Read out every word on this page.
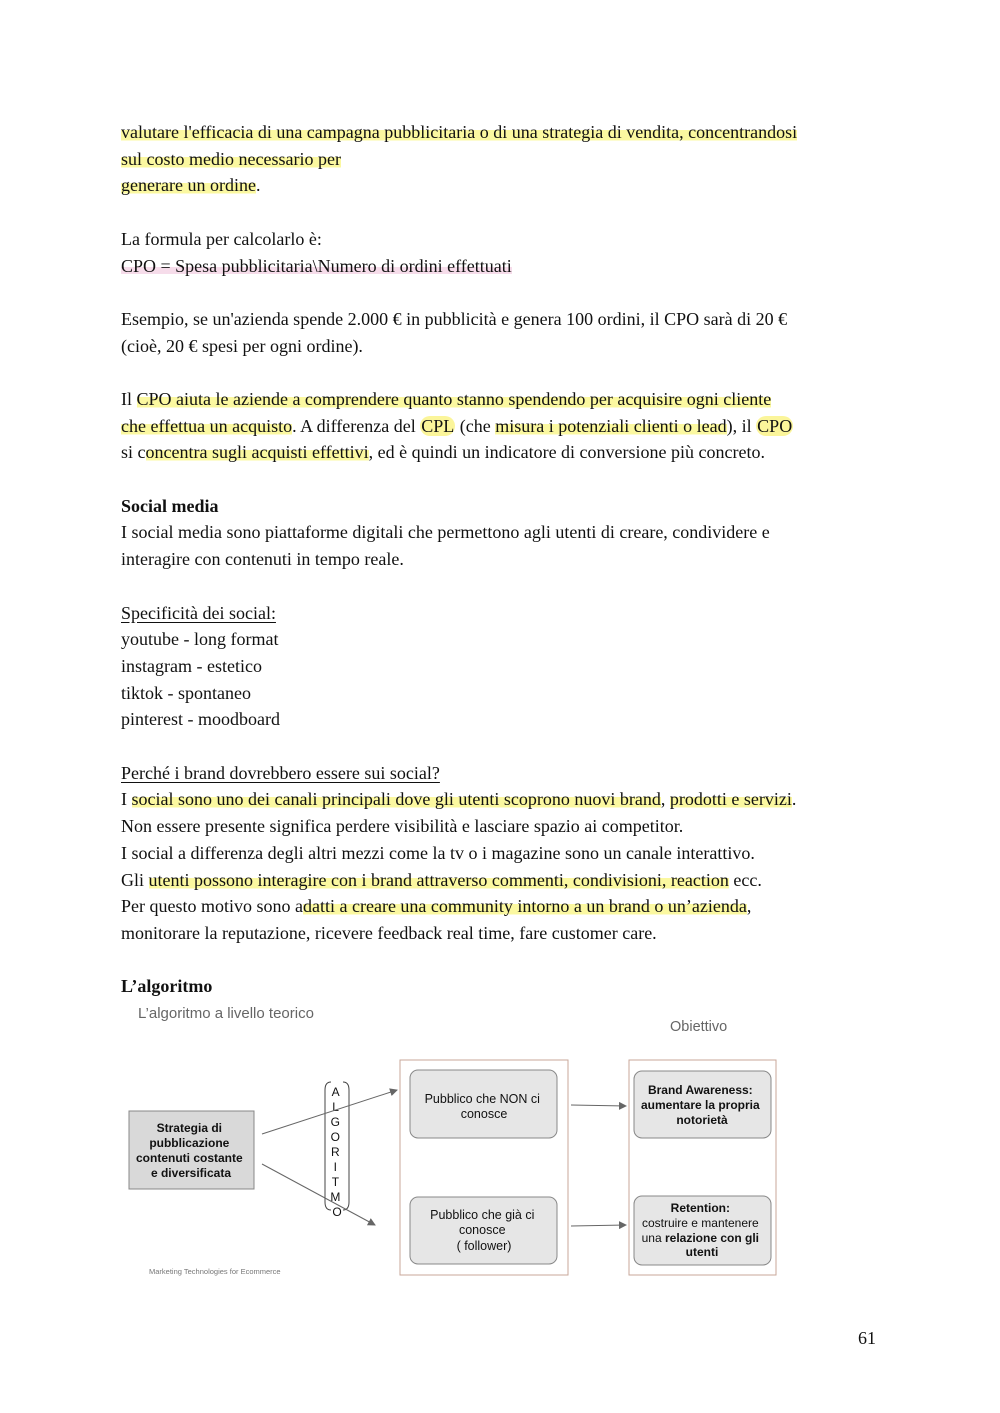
valutare l'efficacia di una campagna pubblicitaria o di una strategia di vendita, concentrandosi

sul costo medio necessario per

generare un ordine.

La formula per calcolarlo è:

CPO = Spesa pubblicitaria\Numero di ordini effettuati

Esempio, se un'azienda spende 2.000 € in pubblicità e genera 100 ordini, il CPO sarà di 20 €

(cioè, 20 € spesi per ogni ordine).

Il CPO aiuta le aziende a comprendere quanto stanno spendendo per acquisire ogni cliente

che effettua un acquisto. A differenza del CPL (che misura i potenziali clienti o lead), il CPO

si concentra sugli acquisti effettivi, ed è quindi un indicatore di conversione più concreto.

Social media

I social media sono piattaforme digitali che permettono agli utenti di creare, condividere e

interagire con contenuti in tempo reale.

Specificità dei social:

youtube - long format

instagram - estetico

tiktok - spontaneo

pinterest - moodboard

Perché i brand dovrebbero essere sui social?

I social sono uno dei canali principali dove gli utenti scoprono nuovi brand, prodotti e servizi.

Non essere presente significa perdere visibilità e lasciare spazio ai competitor.

I social a differenza degli altri mezzi come la tv o i magazine sono un canale interattivo.

Gli utenti possono interagire con i brand attraverso commenti, condivisioni, reaction ecc.

Per questo motivo sono adatti a creare una community intorno a un brand o un’azienda,

monitorare la reputazione, ricevere feedback real time, fare customer care.

L’algoritmo

L’algoritmo a livello teorico
Obiettivo
Strategia di pubblicazione contenuti costante e diversificata
A L G O R I T M O
Pubblico che NON ci conosce
Pubblico che già ci conosce ( follower)
Brand Awareness: aumentare la propria notorietà
Retention: costruire e mantenere una relazione con gli utenti
Marketing Technologies for Ecommerce
61
